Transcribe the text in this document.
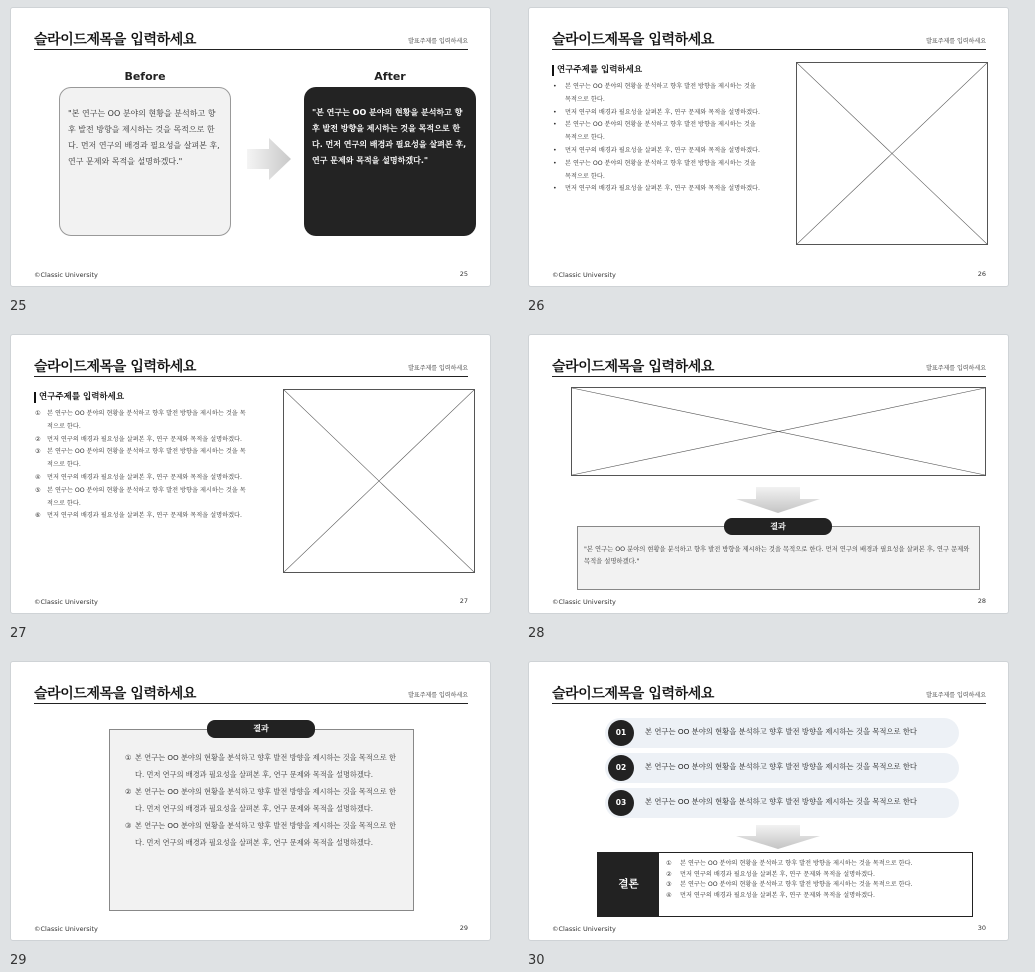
슬라이드제목을 입력하세요	발표주제를 입력하세요
Before	After
"본 연구는 OO 분야의 현황을 분석하고 향후 발전 방향을 제시하는 것을 목적으로 한다. 먼저 연구의 배경과 필요성을 살펴본 후, 연구 문제와 목적을 설명하겠다."
"본 연구는 OO 분야의 현황을 분석하고 향후 발전 방향을 제시하는 것을 목적으로 한다. 먼저 연구의 배경과 필요성을 살펴본 후, 연구 문제와 목적을 설명하겠다."
©Classic University	25
25
슬라이드제목을 입력하세요	발표주제를 입력하세요
연구주제를 입력하세요
• 본 연구는 OO 분야의 현황을 분석하고 향후 발전 방향을 제시하는 것을 목적으로 한다.
• 먼저 연구의 배경과 필요성을 살펴본 후, 연구 문제와 목적을 설명하겠다.
• 본 연구는 OO 분야의 현황을 분석하고 향후 발전 방향을 제시하는 것을 목적으로 한다.
• 먼저 연구의 배경과 필요성을 살펴본 후, 연구 문제와 목적을 설명하겠다.
• 본 연구는 OO 분야의 현황을 분석하고 향후 발전 방향을 제시하는 것을 목적으로 한다.
• 먼저 연구의 배경과 필요성을 살펴본 후, 연구 문제와 목적을 설명하겠다.
©Classic University	26
26
슬라이드제목을 입력하세요	발표주제를 입력하세요
연구주제를 입력하세요
① 본 연구는 OO 분야의 현황을 분석하고 향후 발전 방향을 제시하는 것을 목적으로 한다.
② 먼저 연구의 배경과 필요성을 살펴본 후, 연구 문제와 목적을 설명하겠다.
③ 본 연구는 OO 분야의 현황을 분석하고 향후 발전 방향을 제시하는 것을 목적으로 한다.
④ 먼저 연구의 배경과 필요성을 살펴본 후, 연구 문제와 목적을 설명하겠다.
⑤ 본 연구는 OO 분야의 현황을 분석하고 향후 발전 방향을 제시하는 것을 목적으로 한다.
⑥ 먼저 연구의 배경과 필요성을 살펴본 후, 연구 문제와 목적을 설명하겠다.
©Classic University	27
27
슬라이드제목을 입력하세요	발표주제를 입력하세요
결과
"본 연구는 OO 분야의 현황을 분석하고 향후 발전 방향을 제시하는 것을 목적으로 한다. 먼저 연구의 배경과 필요성을 살펴본 후, 연구 문제와 목적을 설명하겠다."
©Classic University	28
28
슬라이드제목을 입력하세요	발표주제를 입력하세요
결과
① 본 연구는 OO 분야의 현황을 분석하고 향후 발전 방향을 제시하는 것을 목적으로 한다. 먼저 연구의 배경과 필요성을 살펴본 후, 연구 문제와 목적을 설명하겠다.
② 본 연구는 OO 분야의 현황을 분석하고 향후 발전 방향을 제시하는 것을 목적으로 한다. 먼저 연구의 배경과 필요성을 살펴본 후, 연구 문제와 목적을 설명하겠다.
③ 본 연구는 OO 분야의 현황을 분석하고 향후 발전 방향을 제시하는 것을 목적으로 한다. 먼저 연구의 배경과 필요성을 살펴본 후, 연구 문제와 목적을 설명하겠다.
©Classic University	29
29
슬라이드제목을 입력하세요	발표주제를 입력하세요
01	본 연구는 OO 분야의 현황을 분석하고 향후 발전 방향을 제시하는 것을 목적으로 한다
02	본 연구는 OO 분야의 현황을 분석하고 향후 발전 방향을 제시하는 것을 목적으로 한다
03	본 연구는 OO 분야의 현황을 분석하고 향후 발전 방향을 제시하는 것을 목적으로 한다
결론
① 본 연구는 OO 분야의 현황을 분석하고 향후 발전 방향을 제시하는 것을 목적으로 한다.
② 먼저 연구의 배경과 필요성을 살펴본 후, 연구 문제와 목적을 설명하겠다.
③ 본 연구는 OO 분야의 현황을 분석하고 향후 발전 방향을 제시하는 것을 목적으로 한다.
④ 먼저 연구의 배경과 필요성을 살펴본 후, 연구 문제와 목적을 설명하겠다.
©Classic University	30
30
